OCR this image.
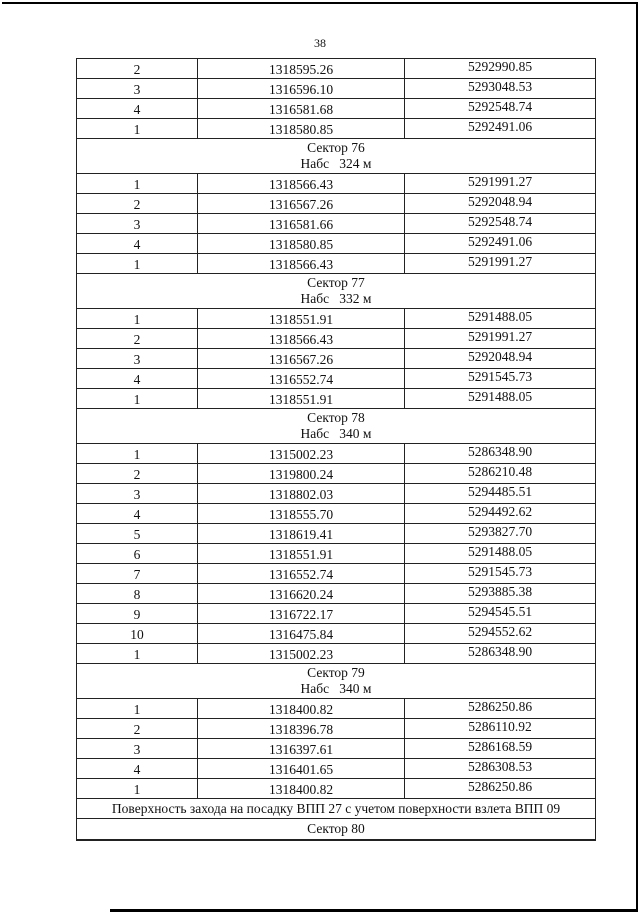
38
2	1318595.26	5292990.85
3	1316596.10	5293048.53
4	1316581.68	5292548.74
1	1318580.85	5292491.06

Сектор 76
Набс   324 м		

1	1318566.43	5291991.27
2	1316567.26	5292048.94
3	1316581.66	5292548.74
4	1318580.85	5292491.06
1	1318566.43	5291991.27

Сектор 77
Набс   332 м		

1	1318551.91	5291488.05
2	1318566.43	5291991.27
3	1316567.26	5292048.94
4	1316552.74	5291545.73
1	1318551.91	5291488.05

Сектор 78
Набс   340 м		

1	1315002.23	5286348.90
2	1319800.24	5286210.48
3	1318802.03	5294485.51
4	1318555.70	5294492.62
5	1318619.41	5293827.70
6	1318551.91	5291488.05
7	1316552.74	5291545.73
8	1316620.24	5293885.38
9	1316722.17	5294545.51
10	1316475.84	5294552.62
1	1315002.23	5286348.90

Сектор 79
Набс   340 м		

1	1318400.82	5286250.86
2	1318396.78	5286110.92
3	1316397.61	5286168.59
4	1316401.65	5286308.53
1	1318400.82	5286250.86
Поверхность захода на посадку ВПП 27 с учетом поверхности взлета ВПП 09		
Сектор 80		
